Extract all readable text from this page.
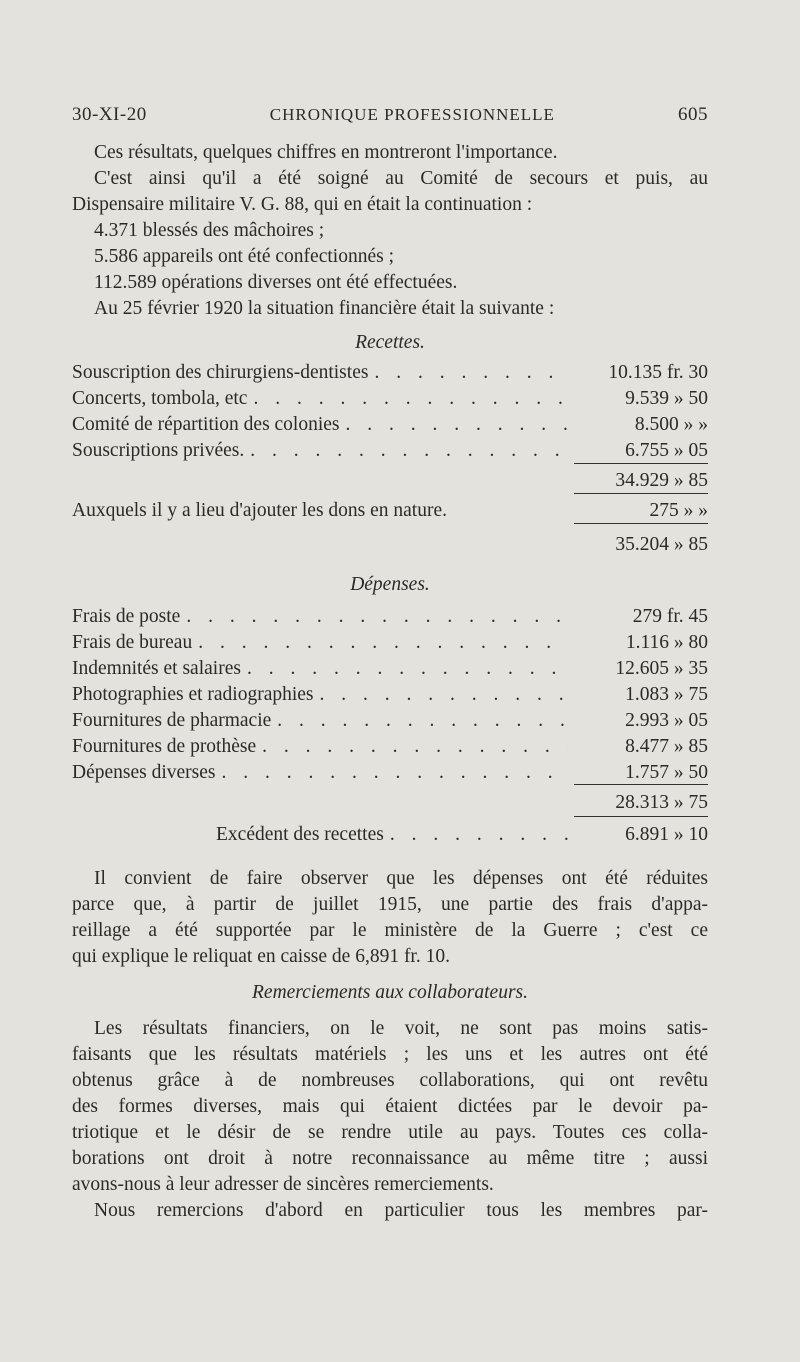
30-XI-20	CHRONIQUE PROFESSIONNELLE	605
Ces résultats, quelques chiffres en montreront l'importance.
C'est ainsi qu'il a été soigné au Comité de secours et puis, au
Dispensaire militaire V. G. 88, qui en était la continuation :
4.371 blessés des mâchoires ;
5.586 appareils ont été confectionnés ;
112.589 opérations diverses ont été effectuées.
Au 25 février 1920 la situation financière était la suivante :
Recettes.
Souscription des chirurgiens-dentistes . . .	10.135 fr. 30
Concerts, tombola, etc . . .	9.539 » 50
Comité de répartition des colonies . . .	8.500 » »
Souscriptions privées. . . .	6.755 » 05
34.929 » 85
Auxquels il y a lieu d'ajouter les dons en nature.	275 » »
35.204 » 85
Dépenses.
Frais de poste . . .	279 fr. 45
Frais de bureau . . .	1.116 » 80
Indemnités et salaires . . .	12.605 » 35
Photographies et radiographies . . .	1.083 » 75
Fournitures de pharmacie . . .	2.993 » 05
Fournitures de prothèse . . .	8.477 » 85
Dépenses diverses . . .	1.757 » 50
28.313 » 75
Excédent des recettes . . .	6.891 » 10
Il convient de faire observer que les dépenses ont été réduites
parce que, à partir de juillet 1915, une partie des frais d'appa-
reillage a été supportée par le ministère de la Guerre ; c'est ce
qui explique le reliquat en caisse de 6,891 fr. 10.
Remerciements aux collaborateurs.
Les résultats financiers, on le voit, ne sont pas moins satis-
faisants que les résultats matériels ; les uns et les autres ont été
obtenus grâce à de nombreuses collaborations, qui ont revêtu
des formes diverses, mais qui étaient dictées par le devoir pa-
triotique et le désir de se rendre utile au pays. Toutes ces colla-
borations ont droit à notre reconnaissance au même titre ; aussi
avons-nous à leur adresser de sincères remerciements.
Nous remercions d'abord en particulier tous les membres par-
